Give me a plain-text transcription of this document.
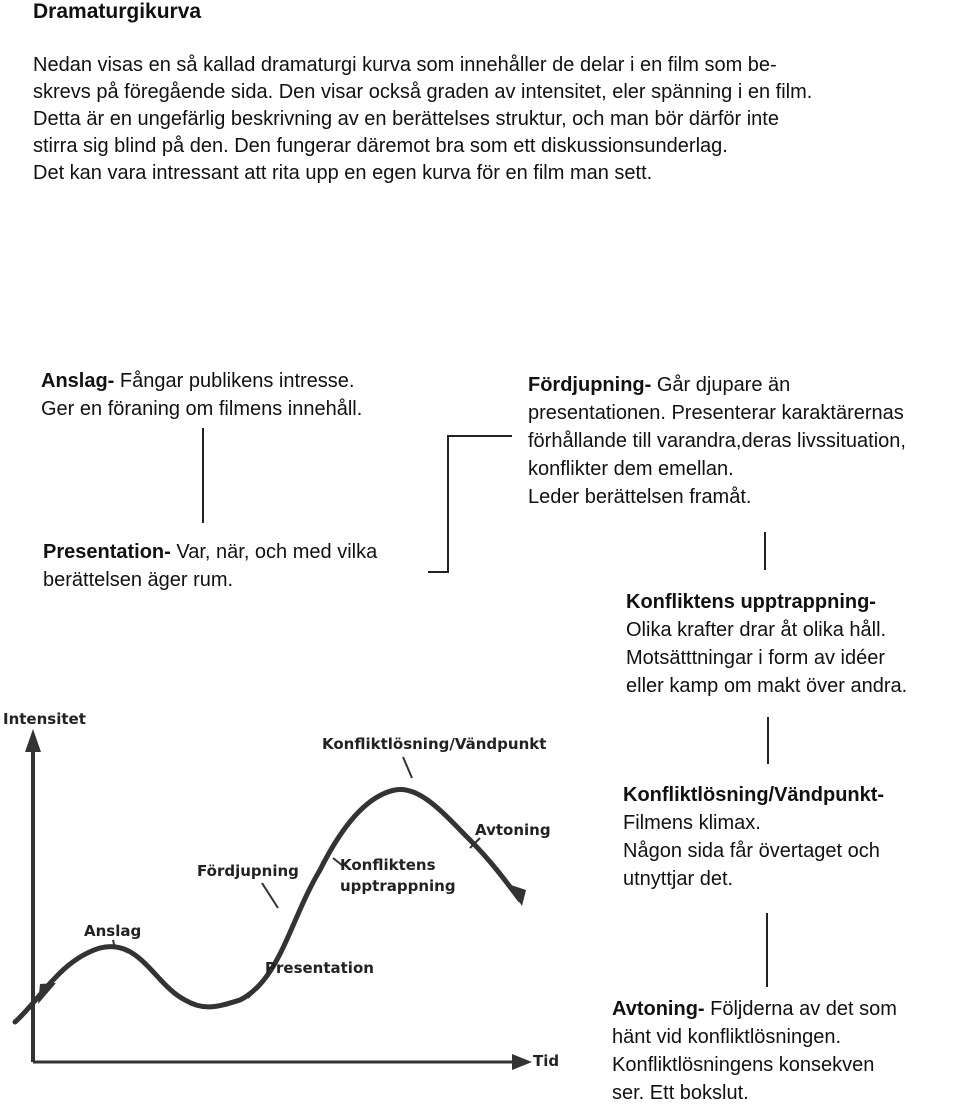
Dramaturgikurva
Nedan visas en så kallad dramaturgi kurva som innehåller de delar i en film som be-
skrevs på föregående sida. Den visar också graden av intensitet, eler spänning i en film.
Detta är en ungefärlig beskrivning av en berättelses struktur, och man bör därför inte
stirra sig blind på den. Den fungerar däremot bra som ett diskussionsunderlag.
Det kan vara intressant att rita upp en egen kurva för en film man sett.
Anslag- Fångar publikens intresse.
Ger en föraning om filmens innehåll.
Fördjupning- Går djupare än
presentationen. Presenterar karaktärernas
förhållande till varandra,deras livssituation,
konflikter dem emellan.
Leder berättelsen framåt.
Presentation- Var, när, och med vilka
berättelsen äger rum.
Konfliktens upptrappning-
Olika krafter drar åt olika håll.
Motsätttningar i form av idéer
eller kamp om makt över andra.
Konfliktlösning/Vändpunkt-
Filmens klimax.
Någon sida får övertaget och
utnyttjar det.
Avtoning- Följderna av det som
hänt vid konfliktlösningen.
Konfliktlösningens konsekven
ser. Ett bokslut.
Intensitet
Tid
Anslag
Fördjupning
Presentation
Konfliktens
upptrappning
Konfliktlösning/Vändpunkt
Avtoning
